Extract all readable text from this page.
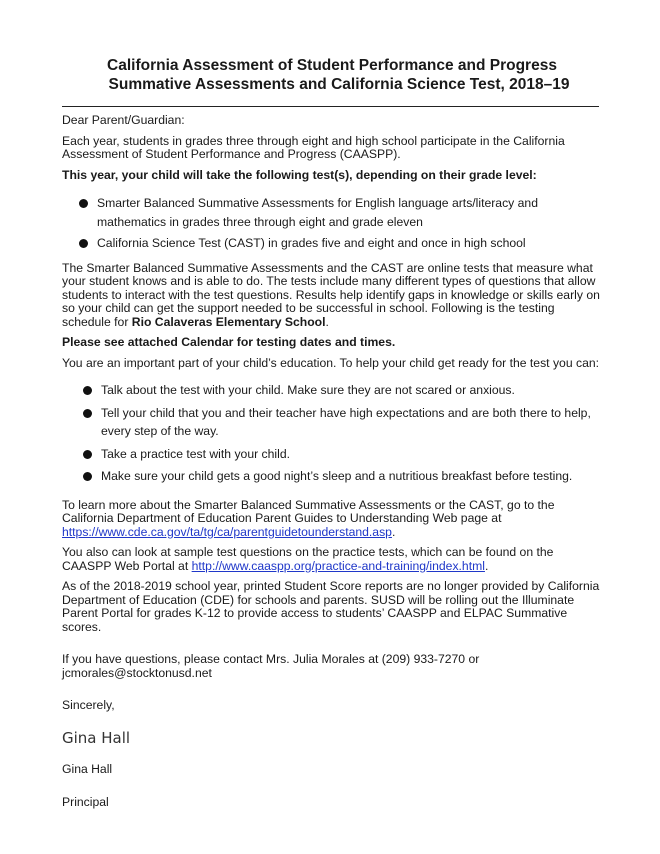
California Assessment of Student Performance and Progress
Summative Assessments and California Science Test, 2018–19

Dear Parent/Guardian:

Each year, students in grades three through eight and high school participate in the California Assessment of Student Performance and Progress (CAASPP).

This year, your child will take the following test(s), depending on their grade level:

Smarter Balanced Summative Assessments for English language arts/literacy and mathematics in grades three through eight and grade eleven
California Science Test (CAST) in grades five and eight and once in high school

The Smarter Balanced Summative Assessments and the CAST are online tests that measure what your student knows and is able to do. The tests include many different types of questions that allow students to interact with the test questions. Results help identify gaps in knowledge or skills early on so your child can get the support needed to be successful in school. Following is the testing schedule for Rio Calaveras Elementary School.

Please see attached Calendar for testing dates and times.

You are an important part of your child’s education. To help your child get ready for the test you can:

Talk about the test with your child. Make sure they are not scared or anxious.
Tell your child that you and their teacher have high expectations and are both there to help, every step of the way.
Take a practice test with your child.
Make sure your child gets a good night’s sleep and a nutritious breakfast before testing.

To learn more about the Smarter Balanced Summative Assessments or the CAST, go to the California Department of Education Parent Guides to Understanding Web page at https://www.cde.ca.gov/ta/tg/ca/parentguidetounderstand.asp.

You also can look at sample test questions on the practice tests, which can be found on the CAASPP Web Portal at http://www.caaspp.org/practice-and-training/index.html.

As of the 2018-2019 school year, printed Student Score reports are no longer provided by California Department of Education (CDE) for schools and parents. SUSD will be rolling out the Illuminate Parent Portal for grades K-12 to provide access to students’ CAASPP and ELPAC Summative scores.

If you have questions, please contact Mrs. Julia Morales at (209) 933-7270 or jcmorales@stocktonusd.net

Sincerely,

Gina Hall

Gina Hall

Principal
